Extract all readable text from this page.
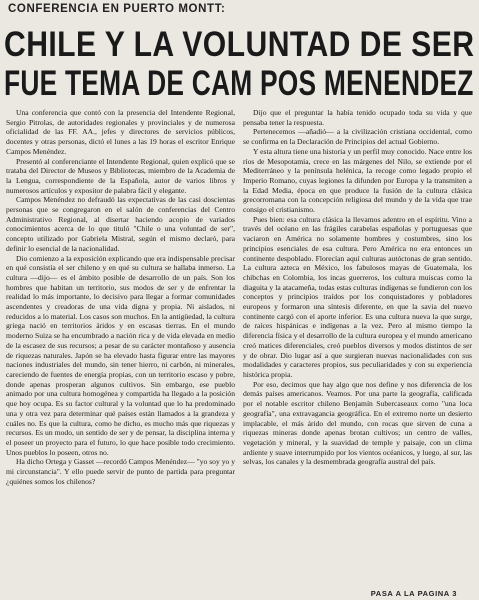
CONFERENCIA EN PUERTO MONTT:
CHILE Y LA VOLUNTAD DE SER
FUE TEMA DE CAM POS MENENDEZ

Una conferencia que contó con la presencia del Intendente Regional, Sergio Pitrolas, de autoridades regionales y provinciales y de numerosa oficialidad de las FF. AA., jefes y directores de servicios públicos, docentes y otras personas, dictó el lunes a las 19 horas el escritor Enrique Campos Menéndez.

Presentó al conferenciante el Intendente Regional, quien explicó que se trataba del Director de Museos y Bibliotecas, miembro de la Academia de la Lengua, correspondiente de la Española, autor de varios libros y numerosos artículos y expositor de palabra fácil y elegante.

Campos Menéndez no defraudó las expectativas de las casi doscientas personas que se congregaron en el salón de conferencias del Centro Administrativo Regional, al disertar haciendo acopio de variados conocimientos acerca de lo que tituló "Chile o una voluntad de ser", concepto utilizado por Gabriela Mistral, según el mismo declaró, para definir lo esencial de la nacionalidad.

Dio comienzo a la exposición explicando que era indispensable precisar en qué consistía el ser chileno y en qué su cultura se hallaba inmerso. La cultura —dijo— es el ámbito posible de desarrollo de un país. Son los hombres que habitan un territorio, sus modos de ser y de enfrentar la realidad lo más importante, lo decisivo para llegar a formar comunidades ascendentes y creadoras de una vida digna y propia. Ni aislados, ni reducidos a lo material. Los casos son muchos. En la antigüedad, la cultura griega nació en territorios áridos y en escasas tierras. En el mundo moderno Suiza se ha encumbrado a nación rica y de vida elevada en medio de la escasez de sus recursos; a pesar de su carácter montañoso y ausencia de riquezas naturales. Japón se ha elevado hasta figurar entre las mayores naciones industriales del mundo, sin tener hierro, ni carbón, ni minerales, careciendo de fuentes de energía propias, con un territorio escaso y pobre, donde apenas prosperan algunos cultivos. Sin embargo, ese pueblo animado por una cultura homogénea y compartida ha llegado a la posición que hoy ocupa. Es su factor cultural y la voluntad que lo ha predominado una y otra vez para determinar qué países están llamados a la grandeza y cuáles no. Es que la cultura, como he dicho, es mucho más que riquezas y recursos. Es un modo, un sentido de ser y de pensar, la disciplina interna y el poseer un proyecto para el futuro, lo que hace posible todo crecimiento. Unos pueblos lo poseen, otros no.

Ha dicho Ortega y Gasset —recordó Campos Menéndez— "yo soy yo y mi circunstancia". Y ello puede servir de punto de partida para preguntar ¿quiénes somos los chilenos?

Dijo que el preguntar la había tenido ocupado toda su vida y que pensaba tener la respuesta.

Pertenecemos —añadió— a la civilización cristiana occidental, como se confirma en la Declaración de Principios del actual Gobierno.

Y esta altura tiene una historia y un perfil muy conocido. Nace entre los ríos de Mesopotamia, crece en las márgenes del Nilo, se extiende por el Mediterráneo y la península helénica, la recoge como legado propio el Imperio Romano, cuyas legiones la difunden por Europa y la transmiten a la Edad Media, época en que produce la fusión de la cultura clásica grecorromana con la concepción religiosa del mundo y de la vida que trae consigo el cristianismo.

Pues bien: esa cultura clásica la llevamos adentro en el espíritu. Vino a través del océano en las frágiles carabelas españolas y portuguesas que vaciaron en América no solamente hombres y costumbres, sino los principios esenciales de esa cultura. Pero América no era entonces un continente despoblado. Florecían aquí culturas autóctonas de gran sentido. La cultura azteca en México, los fabulosos mayas de Guatemala, los chibchas en Colombia, los incas guerreros, los cultura muiscas como la diaguita y la atacameña, todas estas culturas indígenas se fundieron con los conceptos y principios traídos por los conquistadores y pobladores europeos y formaron una síntesis diferente, en que la savia del nuevo continente cargó con el aporte inferior. Es una cultura nueva la que surge, de raíces hispánicas e indígenas a la vez. Pero al mismo tiempo la diferencia física y el desarrollo de la cultura europea y el mundo americano creó matices diferenciales, creó pueblos diversos y modos distintos de ser y de obrar. Dio lugar así a que surgieran nuevas nacionalidades con sus modalidades y caracteres propios, sus peculiaridades y con su experiencia histórica propia.

Por eso, decimos que hay algo que nos define y nos diferencia de los demás países americanos. Veamos. Por una parte la geografía, calificada por el notable escritor chileno Benjamín Subercaseaux como "una loca geografía", una extravagancia geográfica. En el extremo norte un desierto implacable, el más árido del mundo, con rocas que sirven de cuna a riquezas mineras donde apenas brotan cultivos; un centro de valles, vegetación y mineral, y la suavidad de temple y paisaje, con un clima ardiente y suave interrumpido por los vientos océanicos, y luego, al sur, las selvas, los canales y la desmembrada geografía austral del país.

PASA A LA PAGINA 3
